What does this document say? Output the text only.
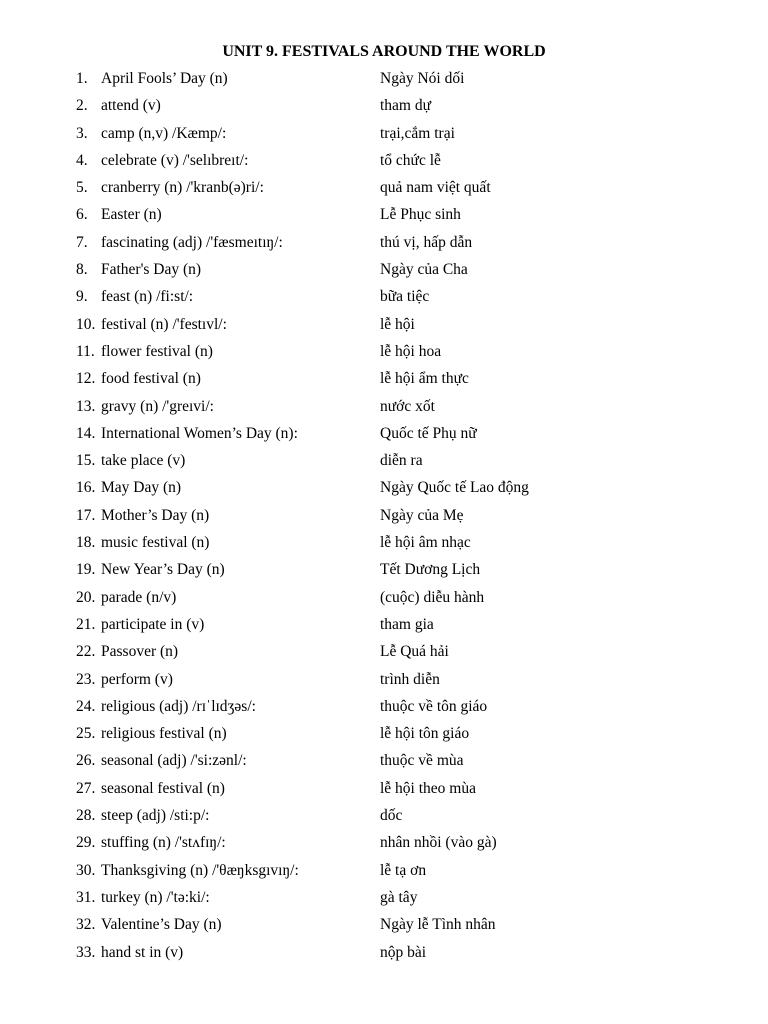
UNIT 9. FESTIVALS AROUND THE WORLD
1. April Fools’ Day (n)	Ngày Nói dối
2. attend (v)	tham dự
3. camp (n,v) /Kæmp/:	trại,cắm trại
4. celebrate (v) /'selıbreıt/:	tổ chức lễ
5. cranberry (n) /'kranb(ə)ri/:	quả nam việt quất
6. Easter (n)	Lễ Phục sinh
7. fascinating (adj) /'fæsmeıtıŋ/:	thú vị, hấp dẫn
8. Father's Day (n)	Ngày của Cha
9. feast (n) /fi:st/:	bữa tiệc
10. festival (n) /'festıvl/:	lễ hội
11. flower festival (n)	lễ hội hoa
12. food festival (n)	lễ hội ẩm thực
13. gravy (n) /'greıvi/:	nước xốt
14. International Women’s Day (n):	Quốc tế Phụ nữ
15. take place (v)	diễn ra
16. May Day (n)	Ngày Quốc tế Lao động
17. Mother’s Day (n)	Ngày của Mẹ
18. music festival (n)	lễ hội âm nhạc
19. New Year’s Day (n)	Tết Dương Lịch
20. parade (n/v)	(cuộc) diễu hành
21. participate in (v)	tham gia
22. Passover (n)	Lễ Quá hải
23. perform (v)	trình diễn
24. religious (adj) /rɪˈlɪdʒəs/:	thuộc về tôn giáo
25. religious festival (n)	lễ hội tôn giáo
26. seasonal (adj) /'si:zənl/:	thuộc về mùa
27. seasonal festival (n)	lễ hội theo mùa
28. steep (adj) /sti:p/:	dốc
29. stuffing (n) /'stʌfɪŋ/:	nhân nhồi (vào gà)
30. Thanksgiving (n) /'θæŋksgıvıŋ/:	lễ tạ ơn
31. turkey (n) /'tə:ki/:	gà tây
32. Valentine’s Day (n)	Ngày lễ Tình nhân
33. hand st in (v)	nộp bài
